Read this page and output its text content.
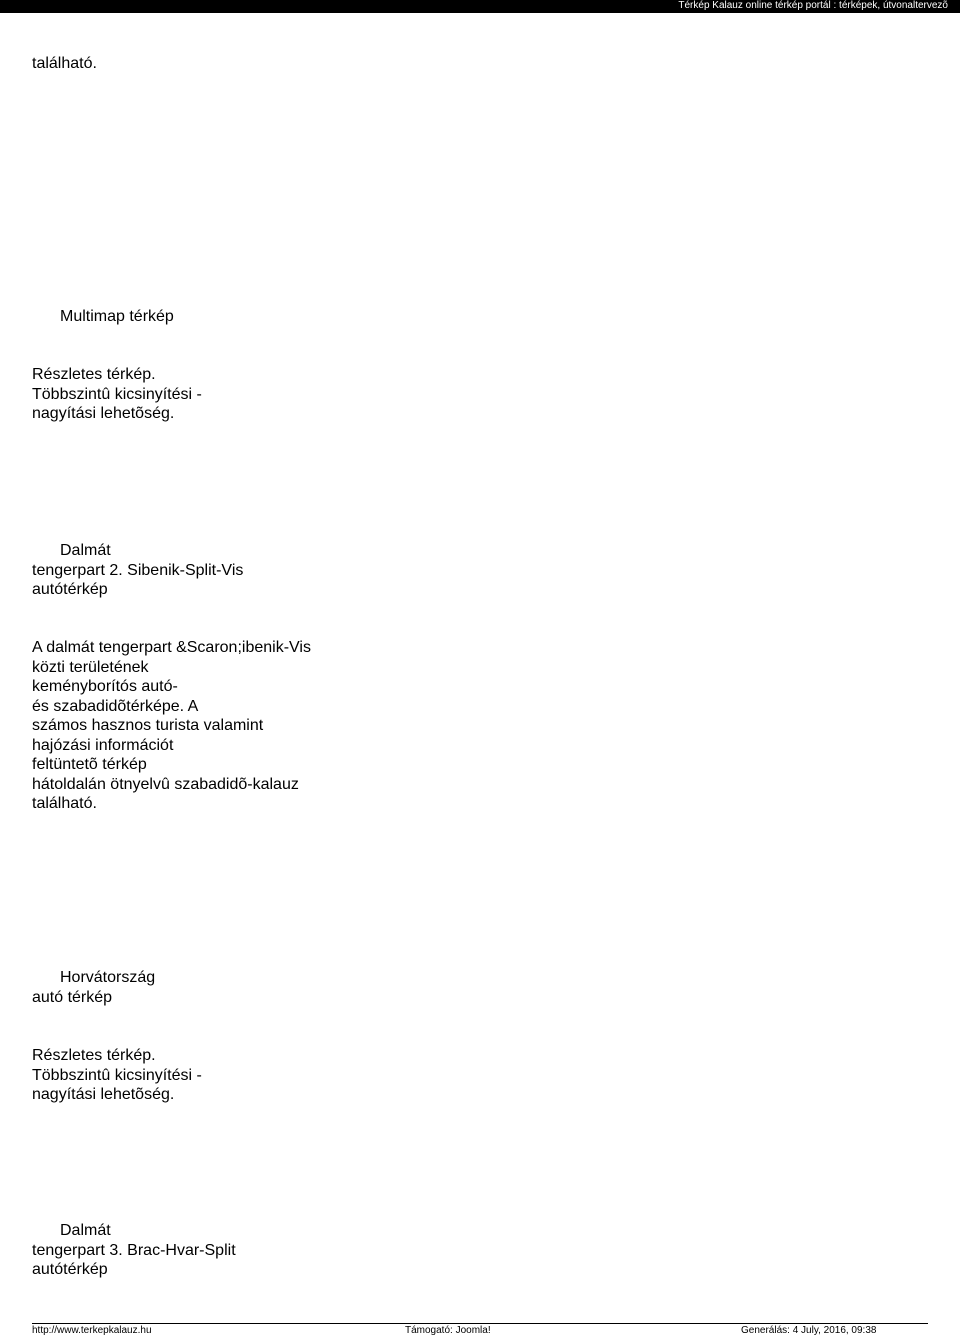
Térkép Kalauz online térkép portál : térképek, útvonaltervezõ

található.

Multimap térkép

Részletes térkép.
Többszintû kicsinyítési -
nagyítási lehetõség.
Dalmát
tengerpart 2. Sibenik-Split-Vis
autótérkép
A dalmát tengerpart &Scaron;ibenik-Vis
közti területének
keményborítós autó-
és szabadidõtérképe. A
számos hasznos turista valamint
hajózási információt
feltüntetõ térkép
hátoldalán ötnyelvû szabadidõ-kalauz
található.
Horvátország
autó térkép
Részletes térkép.
Többszintû kicsinyítési -
nagyítási lehetõség.
Dalmát
tengerpart 3. Brac-Hvar-Split
autótérkép
http://www.terkepkalauz.hu	Támogató: Joomla!	Generálás: 4 July, 2016, 09:38
